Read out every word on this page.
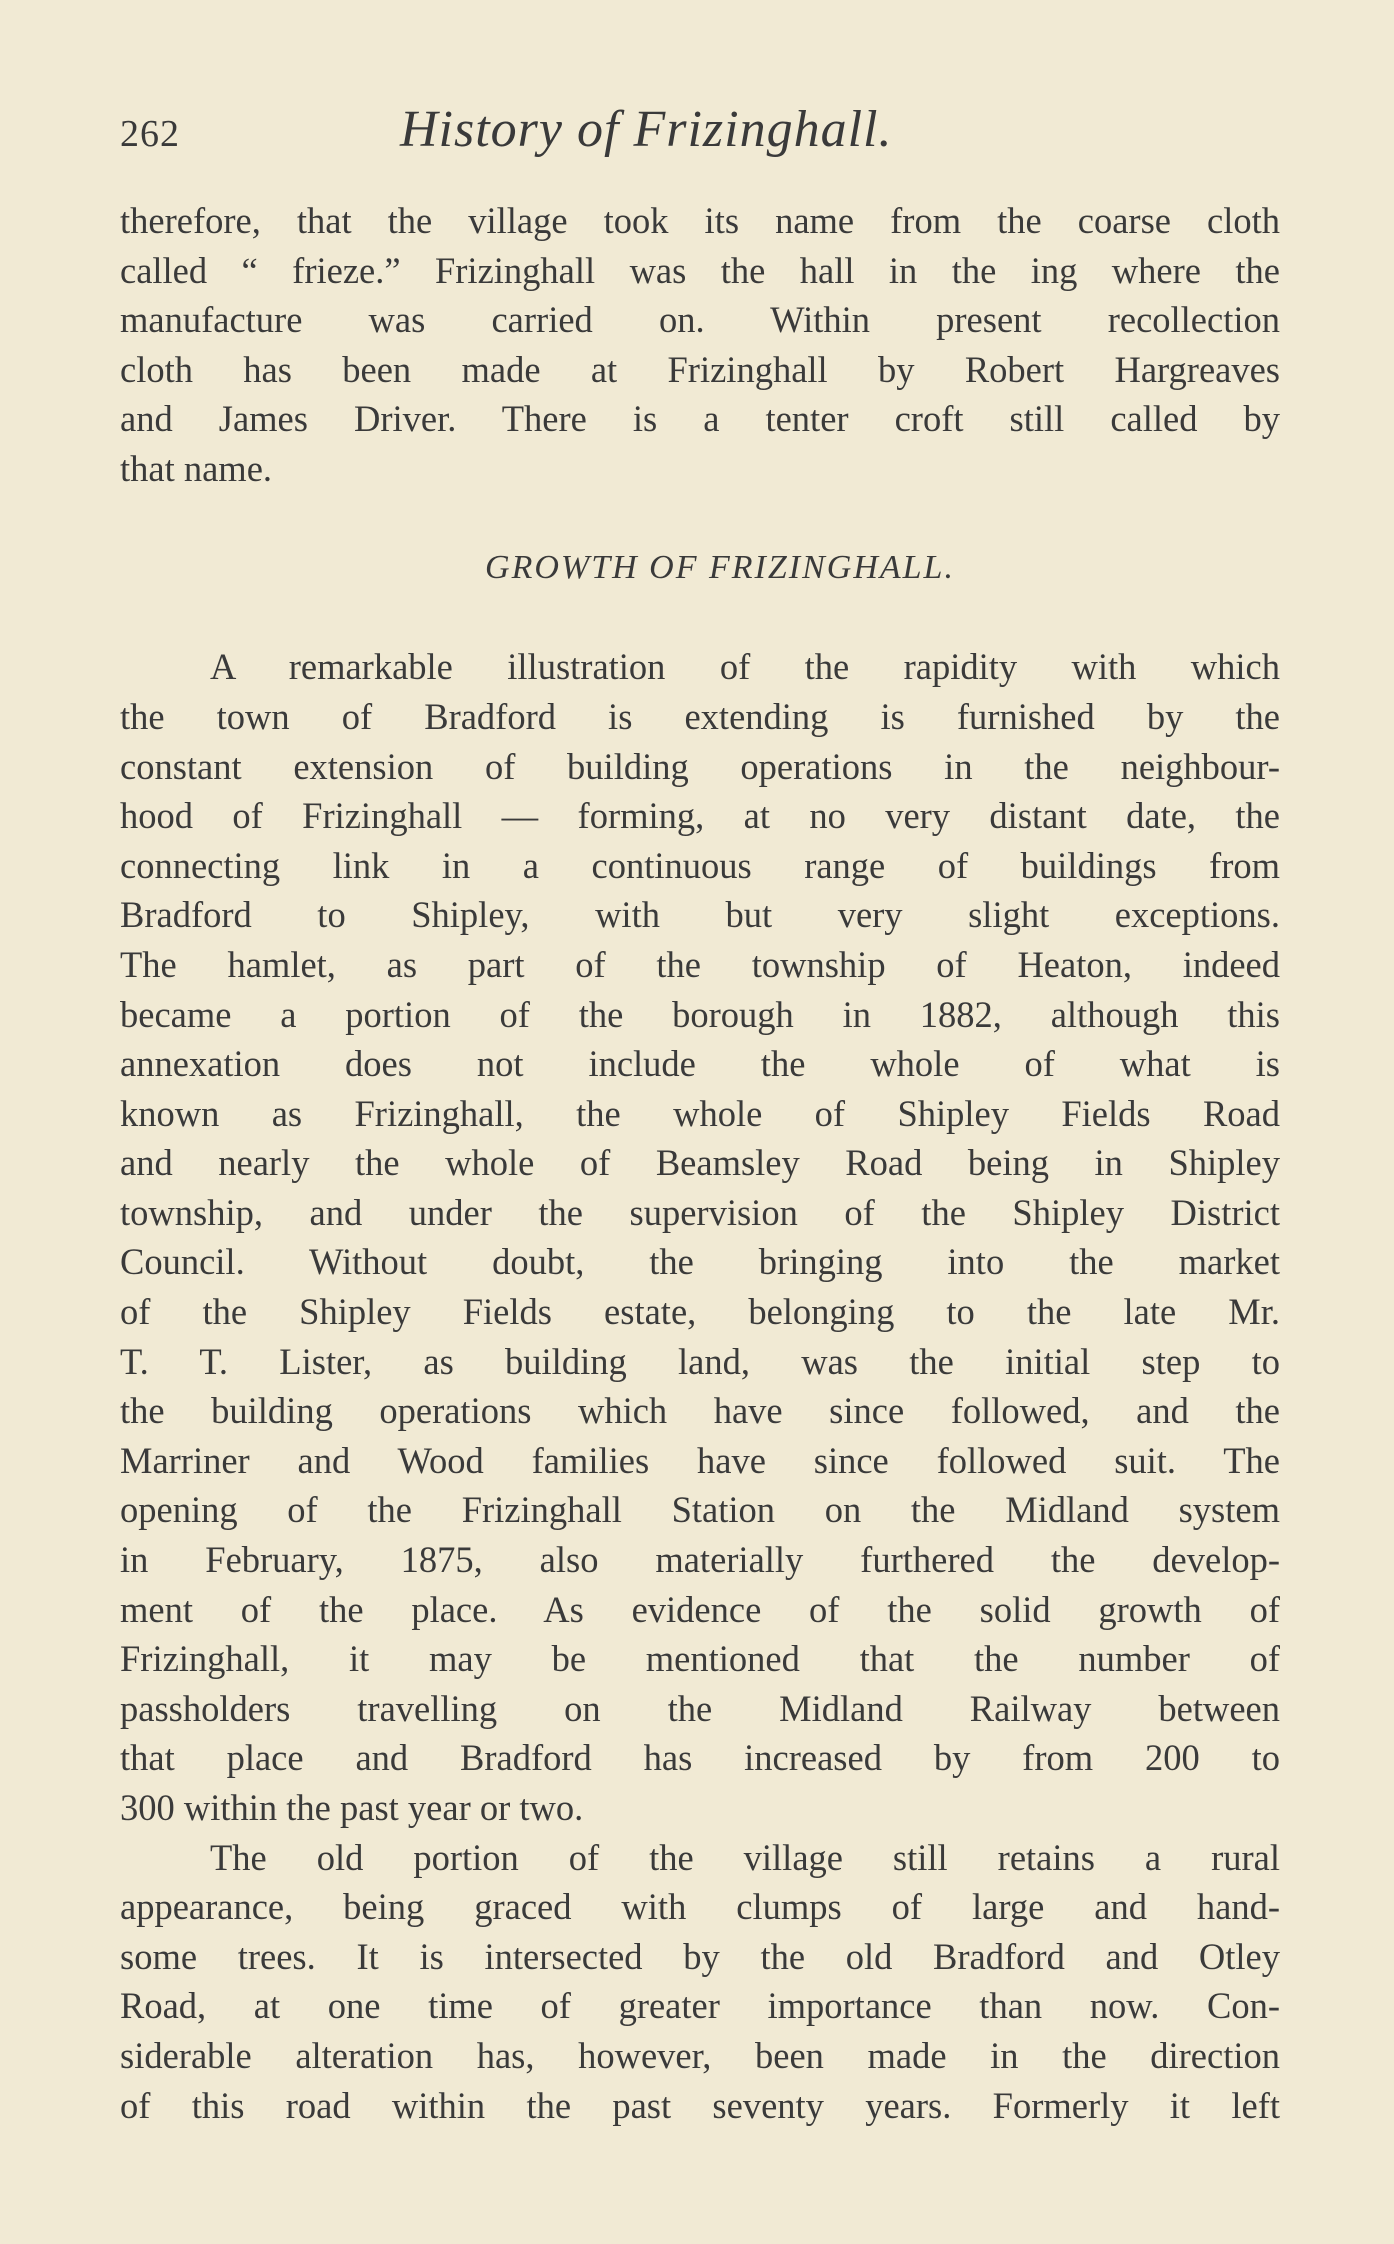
262	History of Frizinghall.
therefore, that the village took its name from the coarse cloth
called “ frieze.” Frizinghall was the hall in the ing where the
manufacture was carried on. Within present recollection
cloth has been made at Frizinghall by Robert Hargreaves
and James Driver. There is a tenter croft still called by
that name.
GROWTH OF FRIZINGHALL.
A remarkable illustration of the rapidity with which
the town of Bradford is extending is furnished by the
constant extension of building operations in the neighbour-
hood of Frizinghall — forming, at no very distant date, the
connecting link in a continuous range of buildings from
Bradford to Shipley, with but very slight exceptions.
The hamlet, as part of the township of Heaton, indeed
became a portion of the borough in 1882, although this
annexation does not include the whole of what is
known as Frizinghall, the whole of Shipley Fields Road
and nearly the whole of Beamsley Road being in Shipley
township, and under the supervision of the Shipley District
Council. Without doubt, the bringing into the market
of the Shipley Fields estate, belonging to the late Mr.
T. T. Lister, as building land, was the initial step to
the building operations which have since followed, and the
Marriner and Wood families have since followed suit. The
opening of the Frizinghall Station on the Midland system
in February, 1875, also materially furthered the develop-
ment of the place. As evidence of the solid growth of
Frizinghall, it may be mentioned that the number of
passholders travelling on the Midland Railway between
that place and Bradford has increased by from 200 to
300 within the past year or two.
The old portion of the village still retains a rural
appearance, being graced with clumps of large and hand-
some trees. It is intersected by the old Bradford and Otley
Road, at one time of greater importance than now. Con-
siderable alteration has, however, been made in the direction
of this road within the past seventy years. Formerly it left
